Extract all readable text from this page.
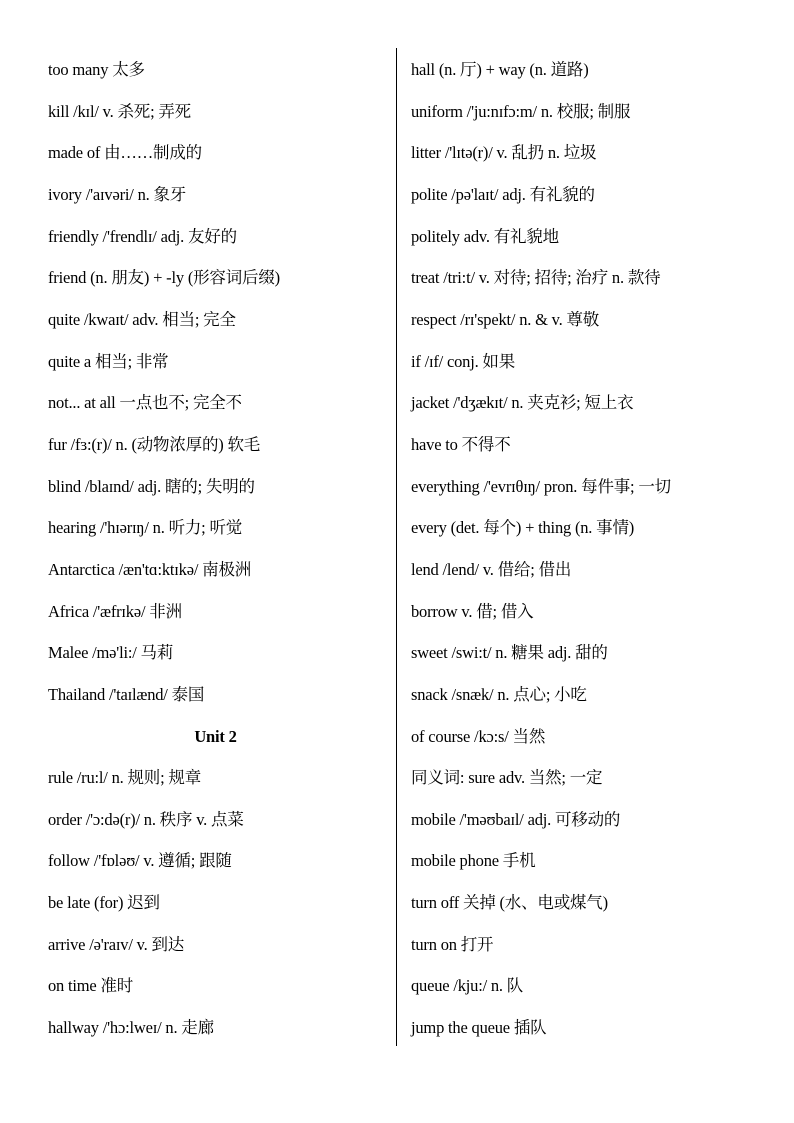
too many 太多
kill /kɪl/ v. 杀死; 弄死
made of 由……制成的
ivory /'aɪvəri/ n. 象牙
friendly /'frendlɪ/ adj. 友好的
friend (n. 朋友) + -ly (形容词后缀)
quite /kwaɪt/ adv. 相当; 完全
quite a 相当; 非常
not... at all 一点也不; 完全不
fur /fɜ:(r)/ n. (动物浓厚的) 软毛
blind /blaɪnd/ adj. 瞎的; 失明的
hearing /'hɪərɪŋ/ n. 听力; 听觉
Antarctica /æn'tɑ:ktɪkə/ 南极洲
Africa /'æfrɪkə/ 非洲
Malee /mə'li:/ 马莉
Thailand /'taɪlænd/ 泰国
Unit 2
rule /ru:l/ n. 规则; 规章
order /'ɔ:də(r)/ n. 秩序 v. 点菜
follow /'fɒləʊ/ v. 遵循; 跟随
be late (for) 迟到
arrive /ə'raɪv/ v. 到达
on time 准时
hallway /'hɔ:lweɪ/ n. 走廊
hall (n. 厅) + way (n. 道路)
uniform /'ju:nɪfɔ:m/ n. 校服; 制服
litter /'lɪtə(r)/ v. 乱扔 n. 垃圾
polite /pə'laɪt/ adj. 有礼貌的
politely adv. 有礼貌地
treat /tri:t/ v. 对待; 招待; 治疗 n. 款待
respect /rɪ'spekt/ n. & v. 尊敬
if /ɪf/ conj. 如果
jacket /'dʒækɪt/ n. 夹克衫; 短上衣
have to 不得不
everything /'evrɪθɪŋ/ pron. 每件事; 一切
every (det. 每个) + thing (n. 事情)
lend /lend/ v. 借给; 借出
borrow v. 借; 借入
sweet /swi:t/ n. 糖果 adj. 甜的
snack /snæk/ n. 点心; 小吃
of course /kɔ:s/ 当然
同义词: sure adv. 当然; 一定
mobile /'məʊbaɪl/ adj. 可移动的
mobile phone 手机
turn off 关掉 (水、电或煤气)
turn on 打开
queue /kju:/ n. 队
jump the queue 插队
